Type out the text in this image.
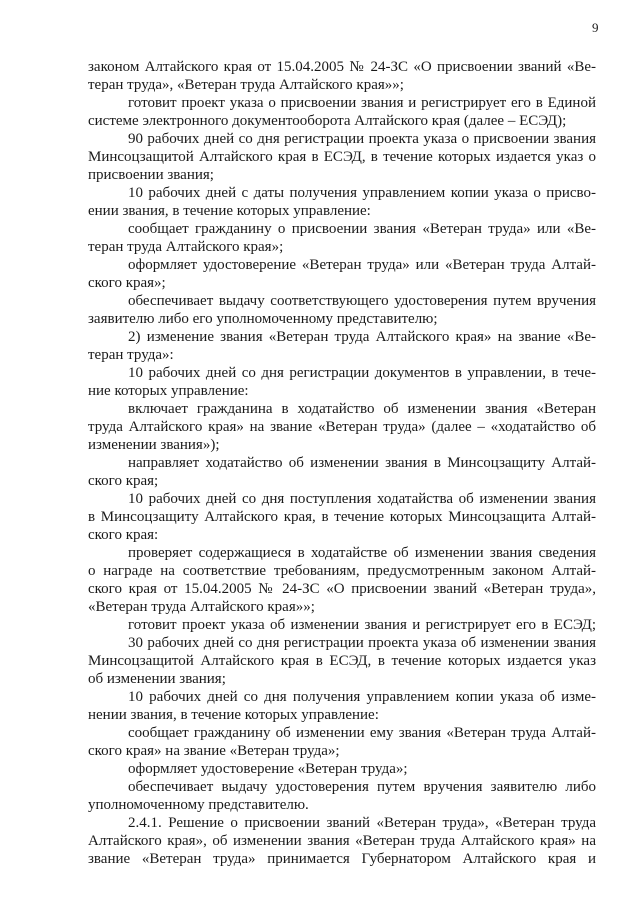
9
законом Алтайского края от 15.04.2005 № 24-ЗС «О присвоении званий «Ве-
теран труда», «Ветеран труда Алтайского края»»;
готовит проект указа о присвоении звания и регистрирует его в Единой
системе электронного документооборота Алтайского края (далее – ЕСЭД);
90 рабочих дней со дня регистрации проекта указа о присвоении звания
Минсоцзащитой Алтайского края в ЕСЭД, в течение которых издается указ о
присвоении звания;
10 рабочих дней с даты получения управлением копии указа о присво-
ении звания, в течение которых управление:
сообщает гражданину о присвоении звания «Ветеран труда» или «Ве-
теран труда Алтайского края»;
оформляет удостоверение «Ветеран труда» или «Ветеран труда Алтай-
ского края»;
обеспечивает выдачу соответствующего удостоверения путем вручения
заявителю либо его уполномоченному представителю;
2) изменение звания «Ветеран труда Алтайского края» на звание «Ве-
теран труда»:
10 рабочих дней со дня регистрации документов в управлении, в тече-
ние которых управление:
включает гражданина в ходатайство об изменении звания «Ветеран
труда Алтайского края» на звание «Ветеран труда» (далее – «ходатайство об
изменении звания»);
направляет ходатайство об изменении звания в Минсоцзащиту Алтай-
ского края;
10 рабочих дней со дня поступления ходатайства об изменении звания
в Минсоцзащиту Алтайского края, в течение которых Минсоцзащита Алтай-
ского края:
проверяет содержащиеся в ходатайстве об изменении звания сведения
о награде на соответствие требованиям, предусмотренным законом Алтай-
ского края от 15.04.2005 № 24-ЗС «О присвоении званий «Ветеран труда»,
«Ветеран труда Алтайского края»»;
готовит проект указа об изменении звания и регистрирует его в ЕСЭД;
30 рабочих дней со дня регистрации проекта указа об изменении звания
Минсоцзащитой Алтайского края в ЕСЭД, в течение которых издается указ
об изменении звания;
10 рабочих дней со дня получения управлением копии указа об изме-
нении звания, в течение которых управление:
сообщает гражданину об изменении ему звания «Ветеран труда Алтай-
ского края» на звание «Ветеран труда»;
оформляет удостоверение «Ветеран труда»;
обеспечивает выдачу удостоверения путем вручения заявителю либо
уполномоченному представителю.
2.4.1. Решение о присвоении званий «Ветеран труда», «Ветеран труда
Алтайского края», об изменении звания «Ветеран труда Алтайского края» на
звание «Ветеран труда» принимается Губернатором Алтайского края и
